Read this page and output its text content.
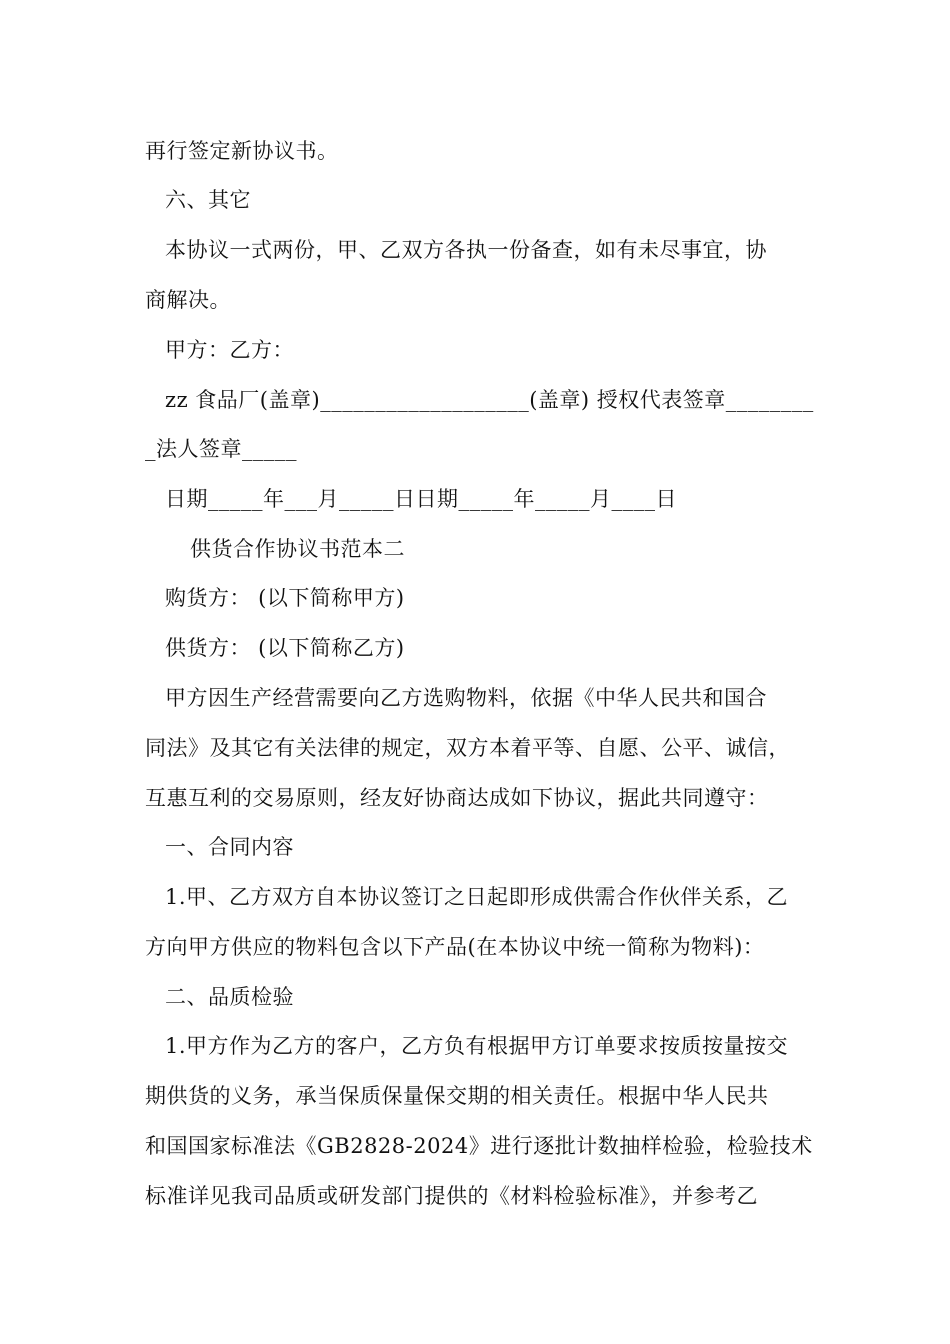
再行签定新协议书。
六、其它
本协议一式两份，甲、乙双方各执一份备查，如有未尽事宜，协
商解决。
甲方：乙方：
zz 食品厂(盖章)___________________(盖章) 授权代表签章________
_法人签章_____
日期_____年___月_____日日期_____年_____月____日
供货合作协议书范本二
购货方： (以下简称甲方)
供货方： (以下简称乙方)
甲方因生产经营需要向乙方选购物料，依据《中华人民共和国合
同法》及其它有关法律的规定，双方本着平等、自愿、公平、诚信，
互惠互利的交易原则，经友好协商达成如下协议，据此共同遵守：
一、合同内容
1.甲、乙方双方自本协议签订之日起即形成供需合作伙伴关系，乙
方向甲方供应的物料包含以下产品(在本协议中统一简称为物料)：
二、品质检验
1.甲方作为乙方的客户，乙方负有根据甲方订单要求按质按量按交
期供货的义务，承当保质保量保交期的相关责任。根据中华人民共
和国国家标准法《GB2828-2024》进行逐批计数抽样检验，检验技术
标准详见我司品质或研发部门提供的《材料检验标准》，并参考乙
